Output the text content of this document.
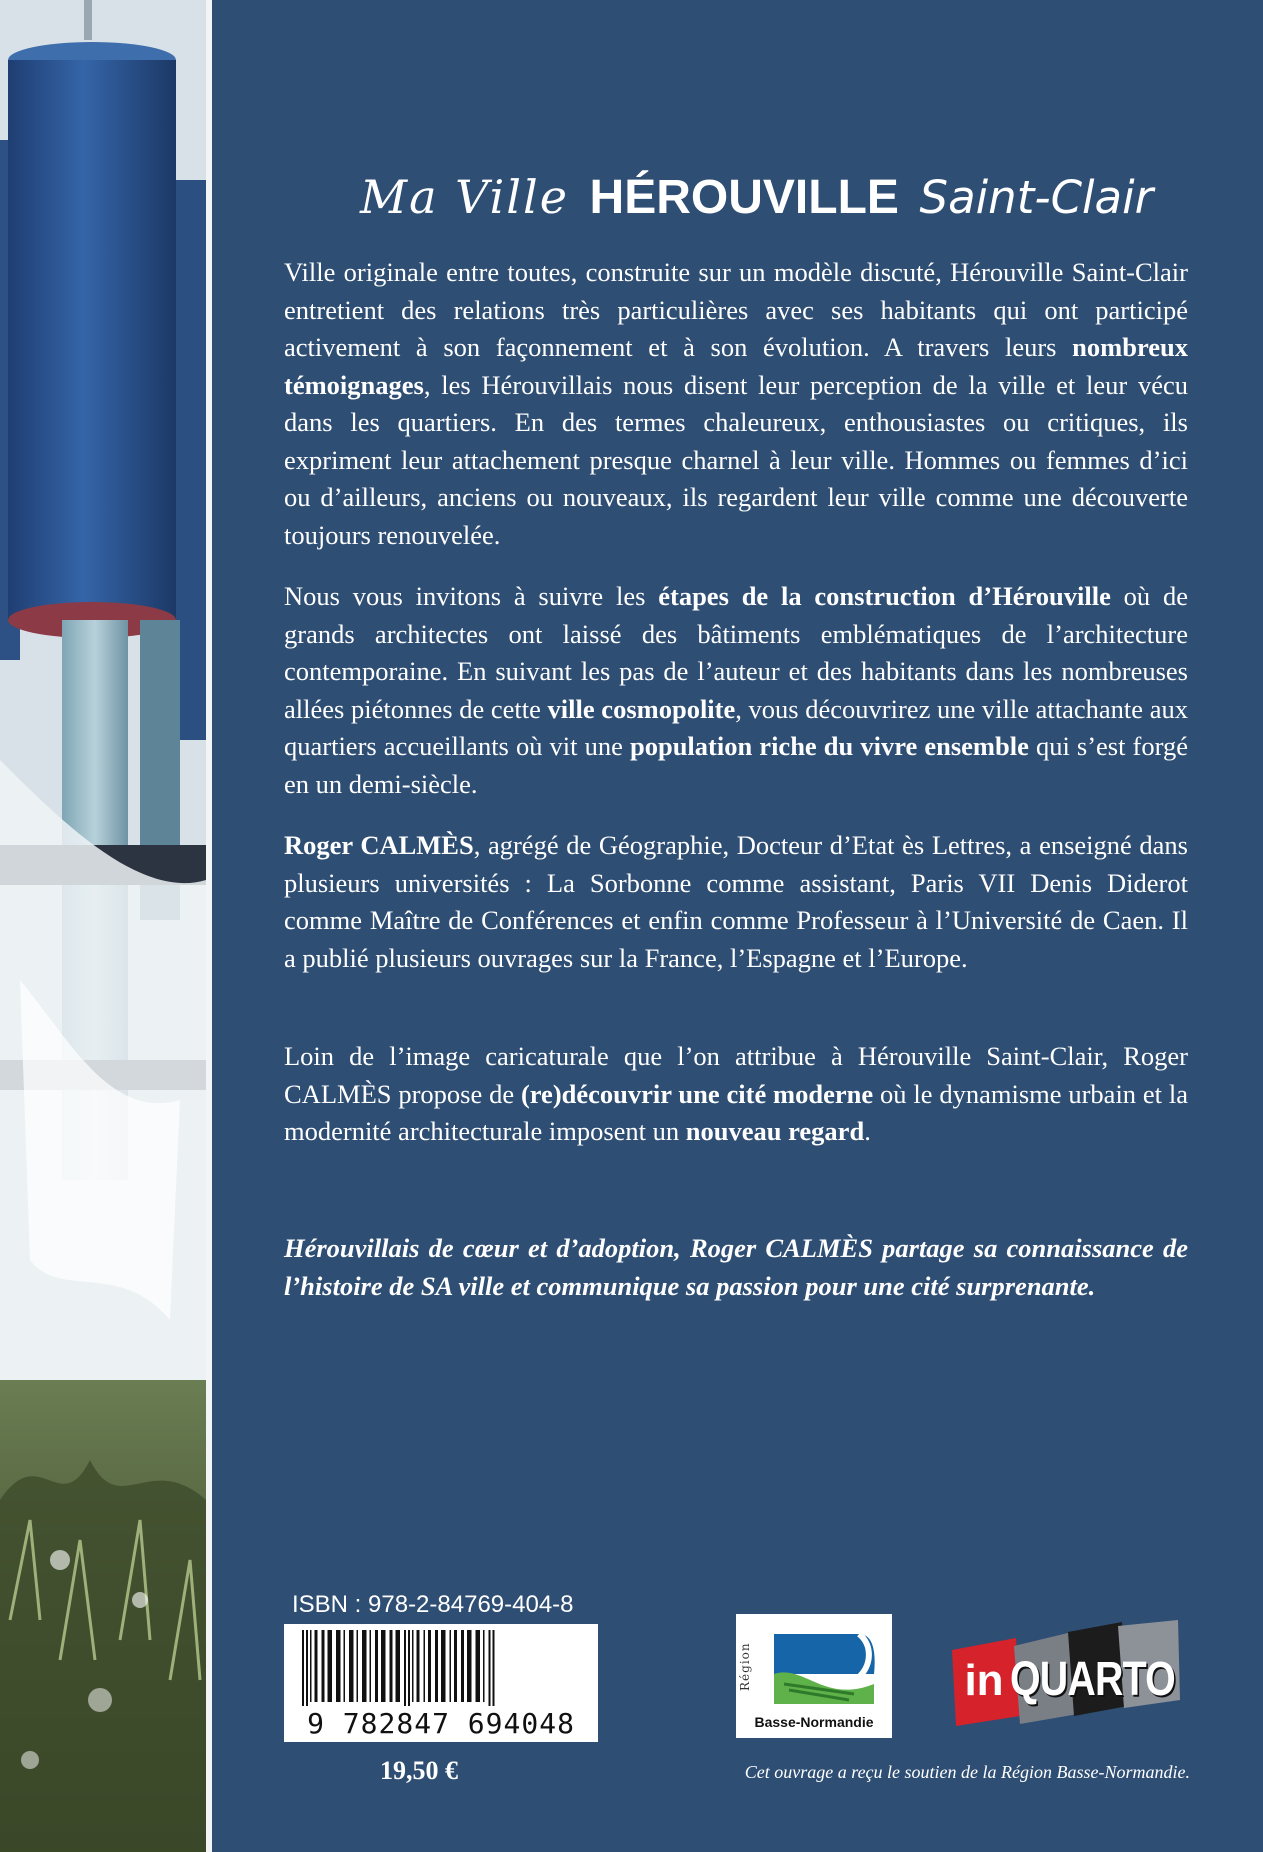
Ma Ville HÉROUVILLE Saint-Clair

Ville originale entre toutes, construite sur un modèle discuté, Hérouville Saint-Clair entretient des relations très particulières avec ses habitants qui ont participé activement à son façonnement et à son évolution. A travers leurs nombreux témoignages, les Hérouvillais nous disent leur perception de la ville et leur vécu dans les quartiers. En des termes chaleureux, enthousiastes ou critiques, ils expriment leur attachement presque charnel à leur ville. Hommes ou femmes d’ici ou d’ailleurs, anciens ou nouveaux, ils regardent leur ville comme une découverte toujours renouvelée.

Nous vous invitons à suivre les étapes de la construction d’Hérouville où de grands architectes ont laissé des bâtiments emblématiques de l’architecture contemporaine. En suivant les pas de l’auteur et des habitants dans les nombreuses allées piétonnes de cette ville cosmopolite, vous découvrirez une ville attachante aux quartiers accueillants où vit une population riche du vivre ensemble qui s’est forgé en un demi-siècle.

Roger CALMÈS, agrégé de Géographie, Docteur d’Etat ès Lettres, a enseigné dans plusieurs universités : La Sorbonne comme assistant, Paris VII Denis Diderot comme Maître de Conférences et enfin comme Professeur à l’Université de Caen. Il a publié plusieurs ouvrages sur la France, l’Espagne et l’Europe.

Loin de l’image caricaturale que l’on attribue à Hérouville Saint-Clair, Roger CALMÈS propose de (re)découvrir une cité moderne où le dynamisme urbain et la modernité architecturale imposent un nouveau regard.

Hérouvillais de cœur et d’adoption, Roger CALMÈS partage sa connaissance de l’histoire de SA ville et communique sa passion pour une cité surprenante.

ISBN : 978-2-84769-404-8
9 782847 694048
19,50 €
Région
Basse-Normandie
in QUARTO
Cet ouvrage a reçu le soutien de la Région Basse-Normandie.
